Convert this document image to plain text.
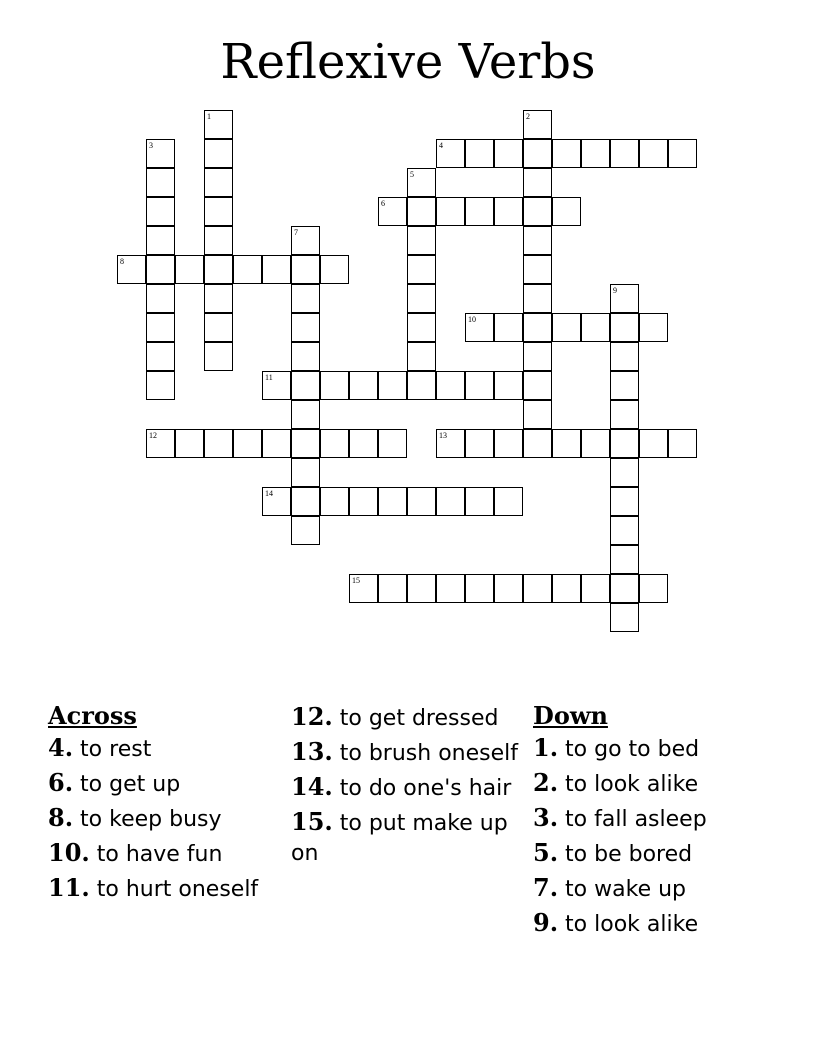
Reflexive Verbs
1	2
3	4
5
6
7
8
9
10
11
12	13
14
15
Across
4. to rest
6. to get up
8. to keep busy
10. to have fun
11. to hurt oneself
12. to get dressed
13. to brush oneself
14. to do one's hair
15. to put make up on
Down
1. to go to bed
2. to look alike
3. to fall asleep
5. to be bored
7. to wake up
9. to look alike
